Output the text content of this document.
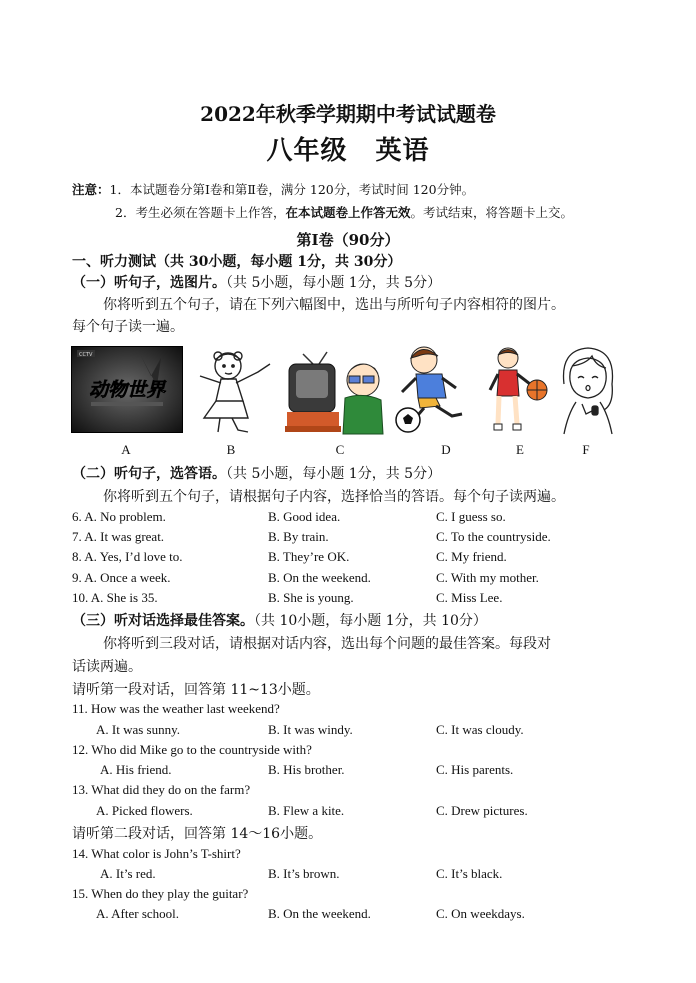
2022年秋季学期期中考试试题卷
八年级 英语
注意：1．本试题卷分第Ⅰ卷和第Ⅱ卷，满分 120分，考试时间 120分钟。
2．考生必须在答题卡上作答，在本试题卷上作答无效。考试结束，将答题卡上交。
第Ⅰ卷（90分）
一、听力测试（共 30小题，每小题 1分，共 30分）
（一）听句子，选图片。（共 5小题，每小题 1分，共 5分）
你将听到五个句子，请在下列六幅图中，选出与所听句子内容相符的图片。
每个句子读一遍。
CCTV
动物世界
A	B	C	D	E	F
（二）听句子，选答语。（共 5小题，每小题 1分，共 5分）
你将听到五个句子，请根据句子内容，选择恰当的答语。每个句子读两遍。
6. A. No problem.	B. Good idea.	C. I guess so.
7. A. It was great.	B. By train.	C. To the countryside.
8. A. Yes, I’d love to.	B. They’re OK.	C. My friend.
9. A. Once a week.	B. On the weekend.	C. With my mother.
10. A. She is 35.	B. She is young.	C. Miss Lee.
（三）听对话选择最佳答案。（共 10小题，每小题 1分，共 10分）
你将听到三段对话，请根据对话内容，选出每个问题的最佳答案。每段对
话读两遍。
请听第一段对话，回答第 11~13小题。
11. How was the weather last weekend?
A. It was sunny.	B. It was windy.	C. It was cloudy.
12. Who did Mike go to the countryside with?
A. His friend.	B. His brother.	C. His parents.
13. What did they do on the farm?
A. Picked flowers.	B. Flew a kite.	C. Drew pictures.
请听第二段对话，回答第 14～16小题。
14. What color is John’s T-shirt?
A. It’s red.	B. It’s brown.	C. It’s black.
15. When do they play the guitar?
A. After school.	B. On the weekend.	C. On weekdays.
